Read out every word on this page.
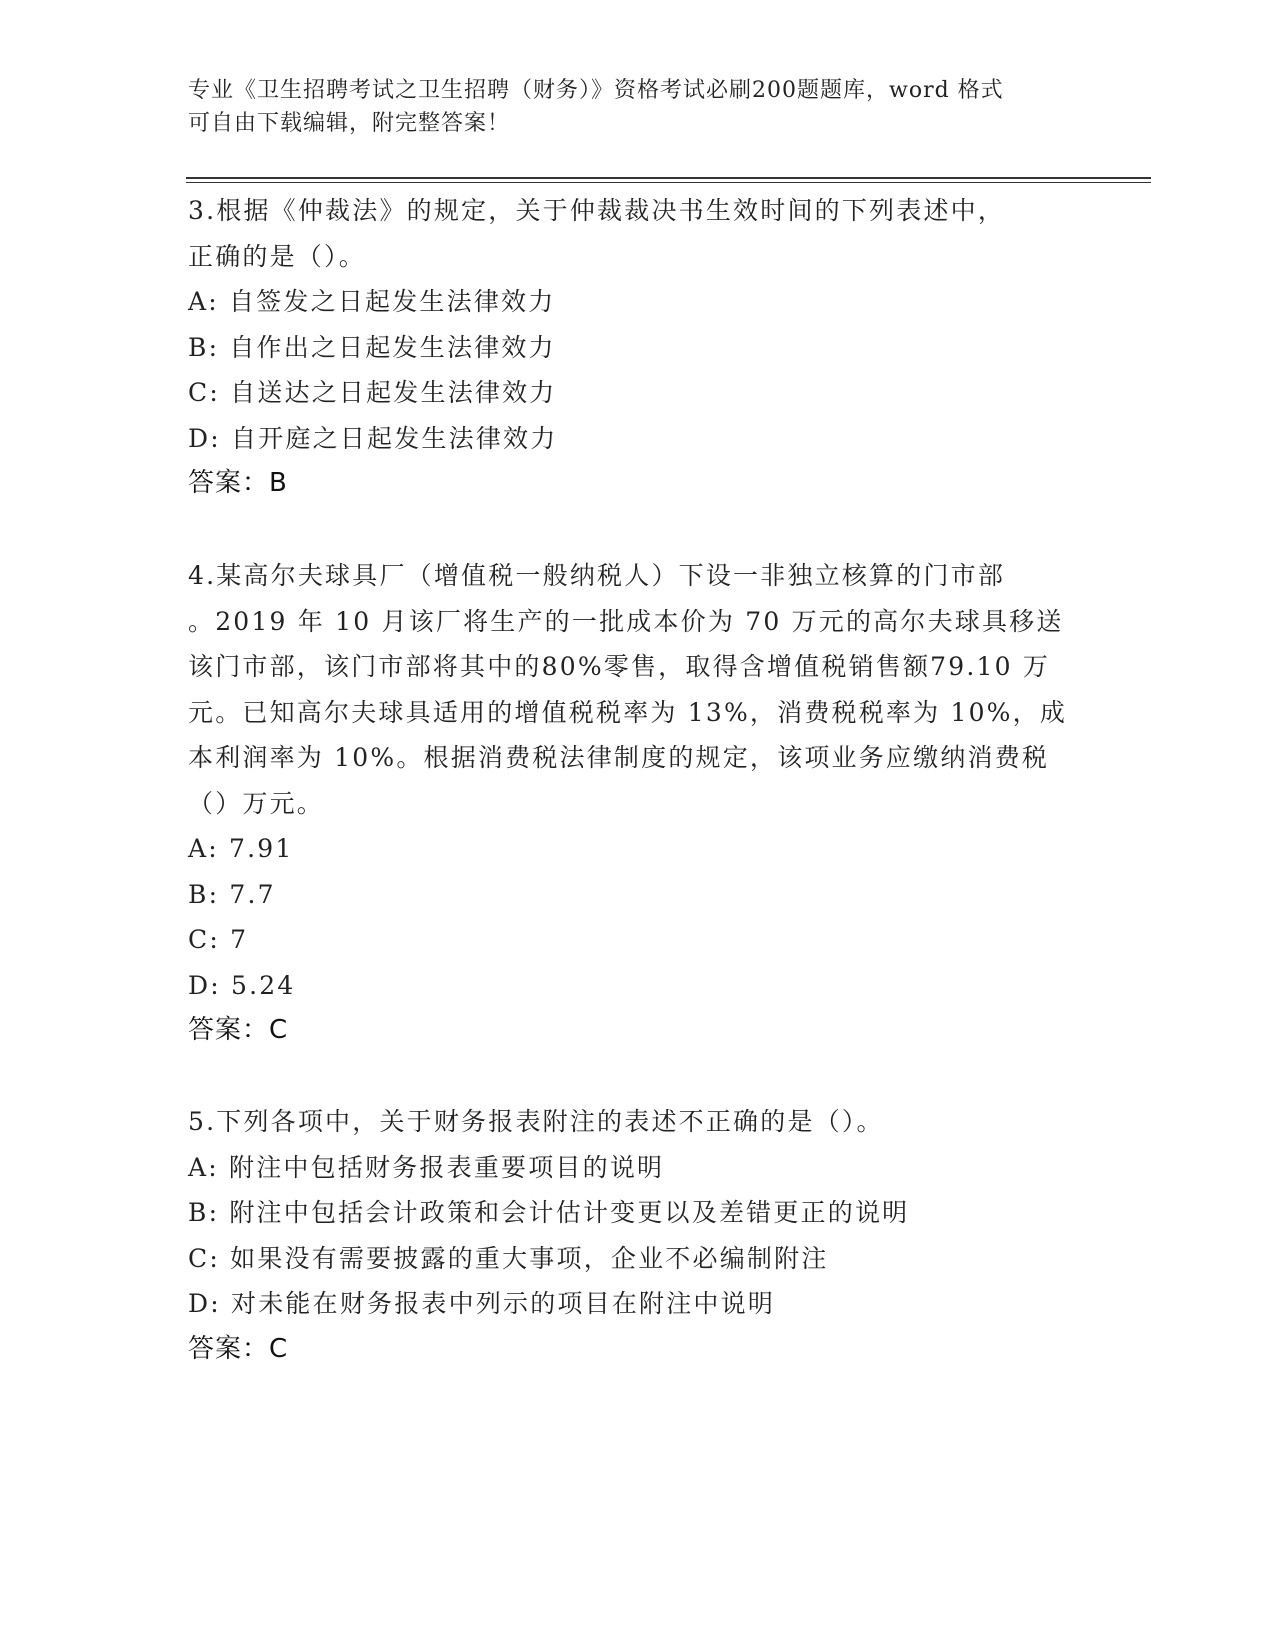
专业《卫生招聘考试之卫生招聘（财务）》资格考试必刷200题题库，word 格式
可自由下载编辑，附完整答案！
3.根据《仲裁法》的规定，关于仲裁裁决书生效时间的下列表述中，
正确的是（）。
A: 自签发之日起发生法律效力
B: 自作出之日起发生法律效力
C: 自送达之日起发生法律效力
D: 自开庭之日起发生法律效力
答案：B
4.某高尔夫球具厂（增值税一般纳税人）下设一非独立核算的门市部
。2019 年 10 月该厂将生产的一批成本价为 70 万元的高尔夫球具移送
该门市部，该门市部将其中的80%零售，取得含增值税销售额79.10 万
元。已知高尔夫球具适用的增值税税率为 13%，消费税税率为 10%，成
本利润率为 10%。根据消费税法律制度的规定，该项业务应缴纳消费税
（）万元。
A: 7.91
B: 7.7
C: 7
D: 5.24
答案：C
5.下列各项中，关于财务报表附注的表述不正确的是（）。
A: 附注中包括财务报表重要项目的说明
B: 附注中包括会计政策和会计估计变更以及差错更正的说明
C: 如果没有需要披露的重大事项，企业不必编制附注
D: 对未能在财务报表中列示的项目在附注中说明
答案：C
